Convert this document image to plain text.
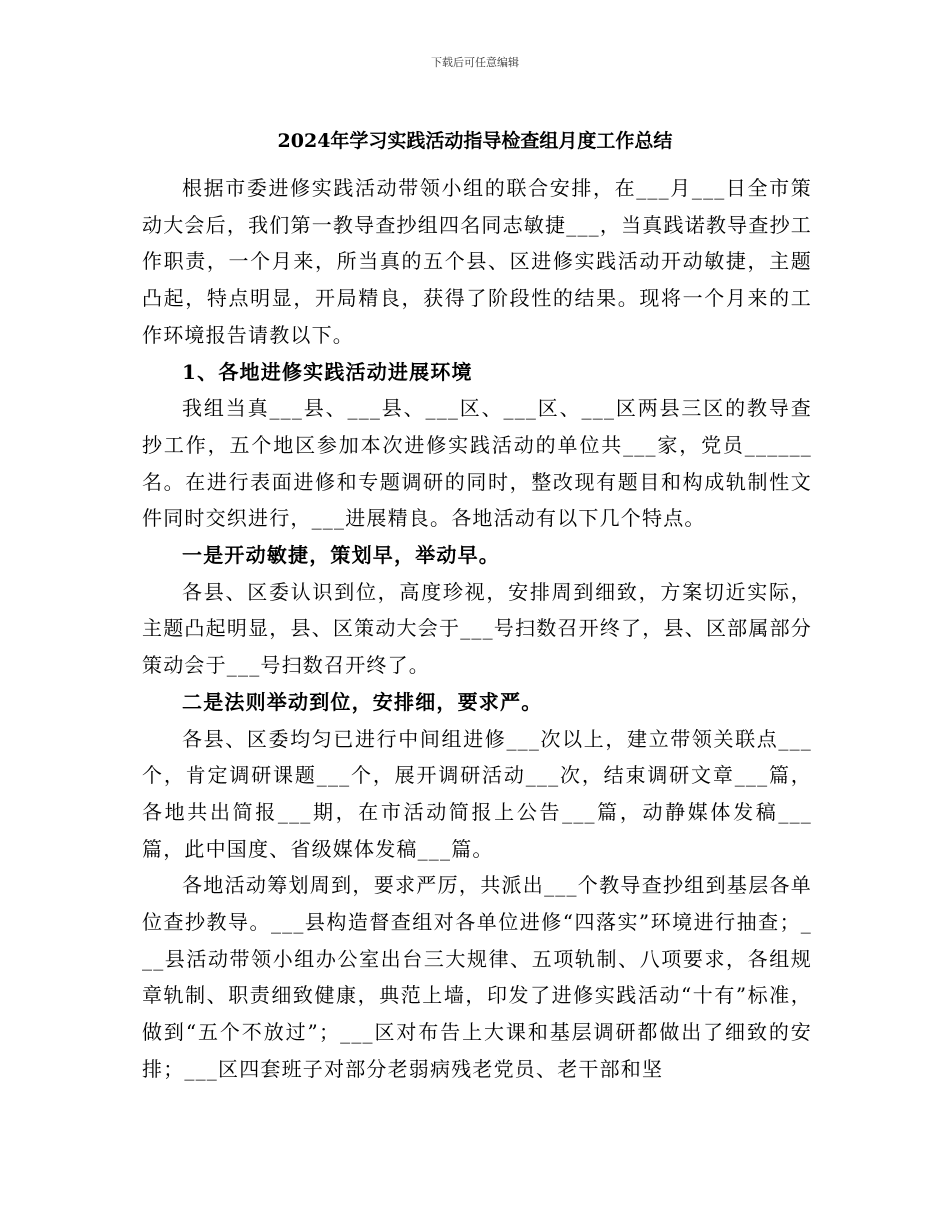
下载后可任意编辑
2024年学习实践活动指导检查组月度工作总结

根据市委进修实践活动带领小组的联合安排，在___月___日全市策动大会后，我们第一教导查抄组四名同志敏捷___，当真践诺教导查抄工作职责，一个月来，所当真的五个县、区进修实践活动开动敏捷，主题凸起，特点明显，开局精良，获得了阶段性的结果。现将一个月来的工作环境报告请教以下。

1、各地进修实践活动进展环境

我组当真___县、___县、___区、___区、___区两县三区的教导查抄工作，五个地区参加本次进修实践活动的单位共___家，党员______名。在进行表面进修和专题调研的同时，整改现有题目和构成轨制性文件同时交织进行，___进展精良。各地活动有以下几个特点。

一是开动敏捷，策划早，举动早。

各县、区委认识到位，高度珍视，安排周到细致，方案切近实际，主题凸起明显，县、区策动大会于___号扫数召开终了，县、区部属部分策动会于___号扫数召开终了。

二是法则举动到位，安排细，要求严。

各县、区委均匀已进行中间组进修___次以上，建立带领关联点___个，肯定调研课题___个，展开调研活动___次，结束调研文章___篇，各地共出简报___期，在市活动简报上公告___篇，动静媒体发稿___篇，此中国度、省级媒体发稿___篇。

各地活动筹划周到，要求严厉，共派出___个教导查抄组到基层各单位查抄教导。___县构造督查组对各单位进修“四落实”环境进行抽查；___县活动带领小组办公室出台三大规律、五项轨制、八项要求，各组规章轨制、职责细致健康，典范上墙，印发了进修实践活动“十有”标准，做到“五个不放过”；___区对布告上大课和基层调研都做出了细致的安排；___区四套班子对部分老弱病残老党员、老干部和坚
